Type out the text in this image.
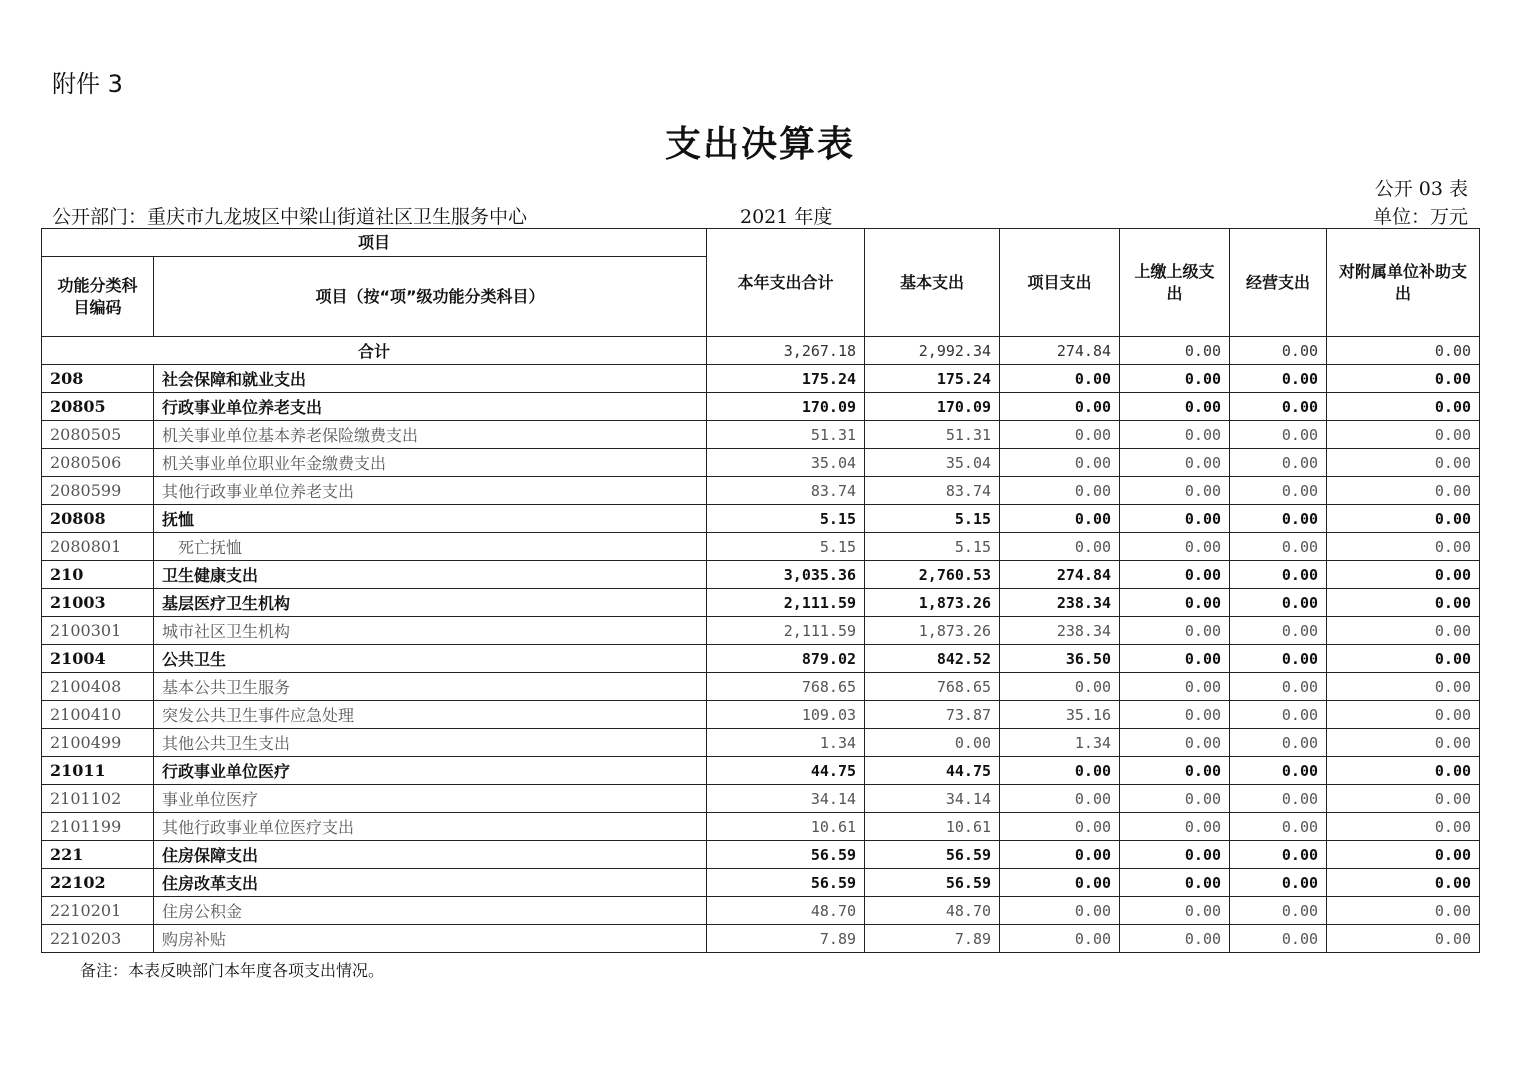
附件 3
支出决算表
公开 03 表
公开部门：重庆市九龙坡区中梁山街道社区卫生服务中心	2021 年度	单位：万元
项目		本年支出合计	基本支出	项目支出	上缴上级支出	经营支出	对附属单位补助支出
功能分类科目编码	项目（按“项”级功能分类科目）						
合计		3,267.18	2,992.34	274.84	0.00	0.00	0.00
208	社会保障和就业支出	175.24	175.24	0.00	0.00	0.00	0.00
20805	行政事业单位养老支出	170.09	170.09	0.00	0.00	0.00	0.00
2080505	机关事业单位基本养老保险缴费支出	51.31	51.31	0.00	0.00	0.00	0.00
2080506	机关事业单位职业年金缴费支出	35.04	35.04	0.00	0.00	0.00	0.00
2080599	其他行政事业单位养老支出	83.74	83.74	0.00	0.00	0.00	0.00
20808	抚恤	5.15	5.15	0.00	0.00	0.00	0.00
2080801	死亡抚恤	5.15	5.15	0.00	0.00	0.00	0.00
210	卫生健康支出	3,035.36	2,760.53	274.84	0.00	0.00	0.00
21003	基层医疗卫生机构	2,111.59	1,873.26	238.34	0.00	0.00	0.00
2100301	城市社区卫生机构	2,111.59	1,873.26	238.34	0.00	0.00	0.00
21004	公共卫生	879.02	842.52	36.50	0.00	0.00	0.00
2100408	基本公共卫生服务	768.65	768.65	0.00	0.00	0.00	0.00
2100410	突发公共卫生事件应急处理	109.03	73.87	35.16	0.00	0.00	0.00
2100499	其他公共卫生支出	1.34	0.00	1.34	0.00	0.00	0.00
21011	行政事业单位医疗	44.75	44.75	0.00	0.00	0.00	0.00
2101102	事业单位医疗	34.14	34.14	0.00	0.00	0.00	0.00
2101199	其他行政事业单位医疗支出	10.61	10.61	0.00	0.00	0.00	0.00
221	住房保障支出	56.59	56.59	0.00	0.00	0.00	0.00
22102	住房改革支出	56.59	56.59	0.00	0.00	0.00	0.00
2210201	住房公积金	48.70	48.70	0.00	0.00	0.00	0.00
2210203	购房补贴	7.89	7.89	0.00	0.00	0.00	0.00
备注：本表反映部门本年度各项支出情况。
